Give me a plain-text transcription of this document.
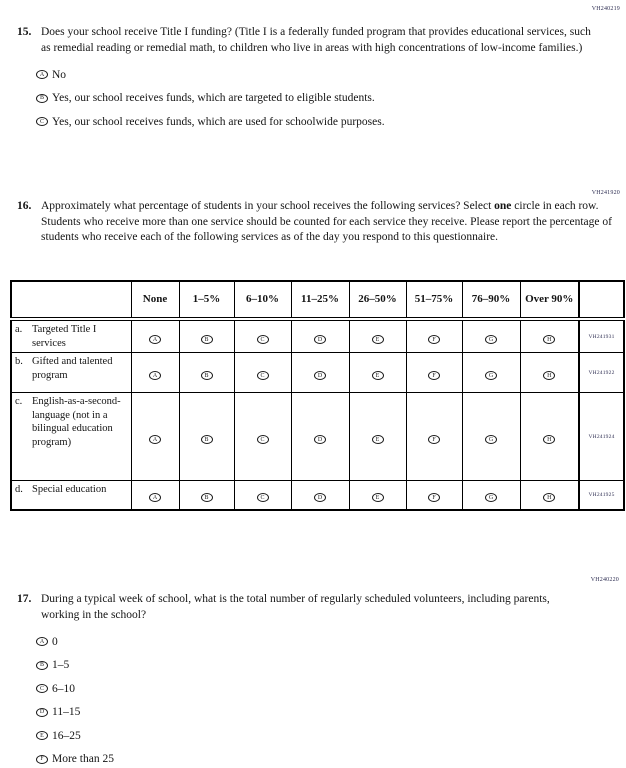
VH240219
15. Does your school receive Title I funding? (Title I is a federally funded program that provides educational services, such as remedial reading or remedial math, to children who live in areas with high concentrations of low-income families.)
A No
B Yes, our school receives funds, which are targeted to eligible students.
C Yes, our school receives funds, which are used for schoolwide purposes.
VH241920
16. Approximately what percentage of students in your school receives the following services? Select one circle in each row. Students who receive more than one service should be counted for each service they receive. Please report the percentage of students who receive each of the following services as of the day you respond to this questionnaire.
	None	1–5%	6–10%	11–25%	26–50%	51–75%	76–90%	Over 90%	

a. Targeted Title I services	A	B	C	D	E	F	G	H	VH241931

b. Gifted and talented program	A	B	C	D	E	F	G	H	VH241922

c. English-as-a-second-language (not in a bilingual education program)	A	B	C	D	E	F	G	H	VH241924

d. Special education	A	B	C	D	E	F	G	H	VH241925
VH240220
17. During a typical week of school, what is the total number of regularly scheduled volunteers, including parents, working in the school?
A 0
B 1–5
C 6–10
D 11–15
E 16–25
F More than 25
